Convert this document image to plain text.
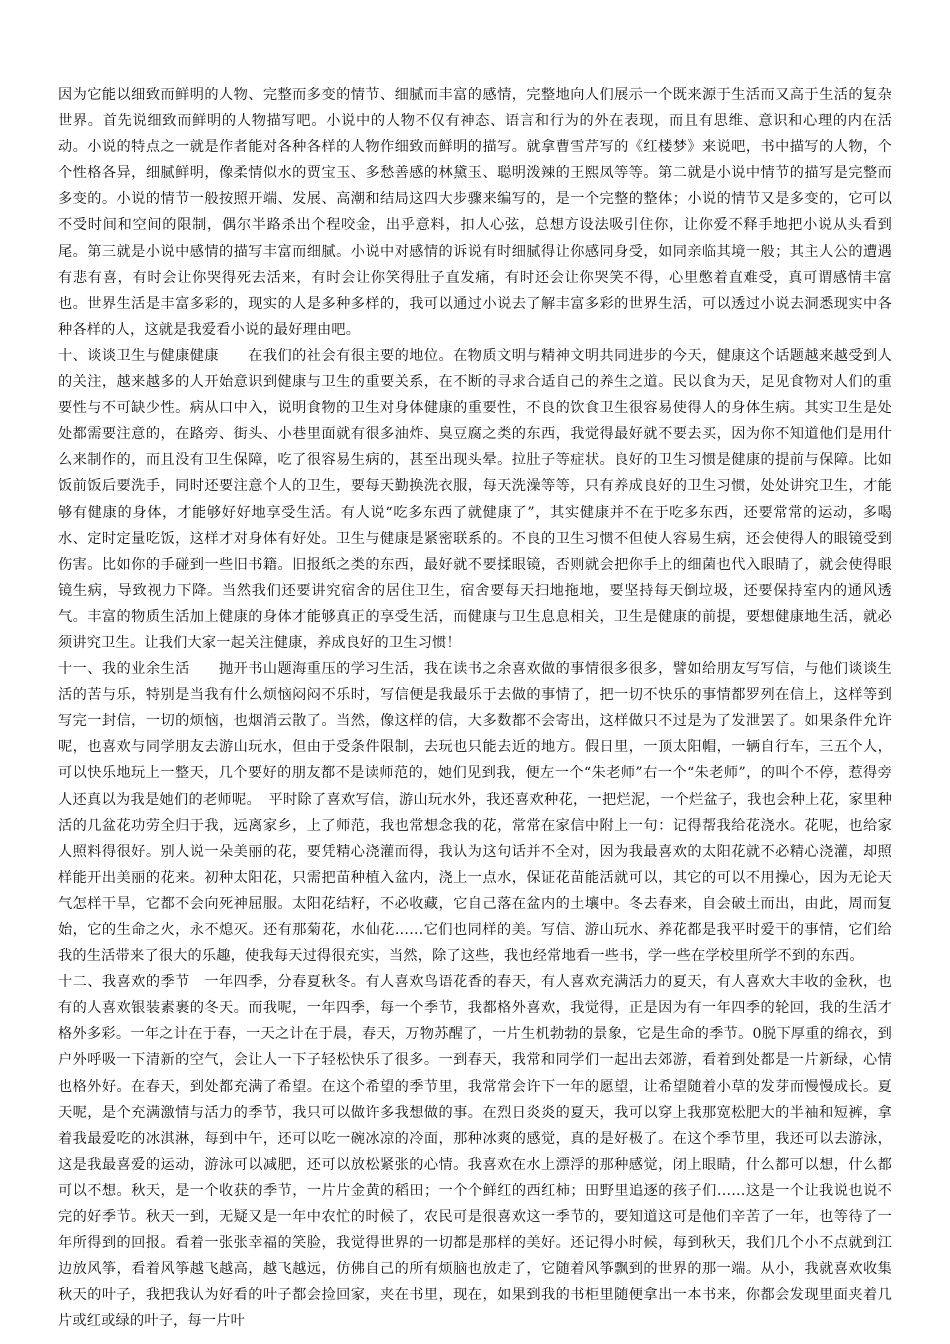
因为它能以细致而鲜明的人物、完整而多变的情节、细腻而丰富的感情，完整地向人们展示一个既来源于生活而又高于生活的复杂世界。首先说细致而鲜明的人物描写吧。小说中的人物不仅有神态、语言和行为的外在表现，而且有思维、意识和心理的内在活动。小说的特点之一就是作者能对各种各样的人物作细致而鲜明的描写。就拿曹雪芹写的《红楼梦》来说吧，书中描写的人物，个个性格各异，细腻鲜明，像柔情似水的贾宝玉、多愁善感的林黛玉、聪明泼辣的王熙凤等等。第二就是小说中情节的描写是完整而多变的。小说的情节一般按照开端、发展、高潮和结局这四大步骤来编写的，是一个完整的整体；小说的情节又是多变的，它可以不受时间和空间的限制，偶尔半路杀出个程咬金，出乎意料，扣人心弦，总想方设法吸引住你，让你爱不释手地把小说从头看到尾。第三就是小说中感情的描写丰富而细腻。小说中对感情的诉说有时细腻得让你感同身受，如同亲临其境一般；其主人公的遭遇有悲有喜，有时会让你哭得死去活来，有时会让你笑得肚子直发痛，有时还会让你哭笑不得，心里憋着直难受，真可谓感情丰富也。世界生活是丰富多彩的，现实的人是多种多样的，我可以通过小说去了解丰富多彩的世界生活，可以透过小说去洞悉现实中各种各样的人，这就是我爱看小说的最好理由吧。

十、谈谈卫生与健康健康　　在我们的社会有很主要的地位。在物质文明与精神文明共同进步的今天，健康这个话题越来越受到人的关注，越来越多的人开始意识到健康与卫生的重要关系，在不断的寻求合适自己的养生之道。民以食为天，足见食物对人们的重要性与不可缺少性。病从口中入，说明食物的卫生对身体健康的重要性，不良的饮食卫生很容易使得人的身体生病。其实卫生是处处都需要注意的，在路旁、街头、小巷里面就有很多油炸、臭豆腐之类的东西，我觉得最好就不要去买，因为你不知道他们是用什么来制作的，而且没有卫生保障，吃了很容易生病的，甚至出现头晕。拉肚子等症状。良好的卫生习惯是健康的提前与保障。比如饭前饭后要洗手，同时还要注意个人的卫生，要每天勤换洗衣服，每天洗澡等等，只有养成良好的卫生习惯，处处讲究卫生，才能够有健康的身体，才能够好好地享受生活。有人说“吃多东西了就健康了”，其实健康并不在于吃多东西，还要常常的运动，多喝水、定时定量吃饭，这样才对身体有好处。卫生与健康是紧密联系的。不良的卫生习惯不但使人容易生病，还会使得人的眼镜受到伤害。比如你的手碰到一些旧书籍。旧报纸之类的东西，最好就不要揉眼镜，否则就会把你手上的细菌也代入眼睛了，就会使得眼镜生病，导致视力下降。当然我们还要讲究宿舍的居住卫生，宿舍要每天扫地拖地，要坚持每天倒垃圾，还要保持室内的通风透气。丰富的物质生活加上健康的身体才能够真正的享受生活，而健康与卫生息息相关，卫生是健康的前提，要想健康地生活，就必须讲究卫生。让我们大家一起关注健康，养成良好的卫生习惯！

十一、我的业余生活　　抛开书山题海重压的学习生活，我在读书之余喜欢做的事情很多很多，譬如给朋友写写信，与他们谈谈生活的苦与乐，特别是当我有什么烦恼闷闷不乐时，写信便是我最乐于去做的事情了，把一切不快乐的事情都罗列在信上，这样等到写完一封信，一切的烦恼，也烟消云散了。当然，像这样的信，大多数都不会寄出，这样做只不过是为了发泄罢了。如果条件允许呢，也喜欢与同学朋友去游山玩水，但由于受条件限制，去玩也只能去近的地方。假日里，一顶太阳帽，一辆自行车，三五个人，可以快乐地玩上一整天，几个要好的朋友都不是读师范的，她们见到我，便左一个“朱老师”右一个“朱老师”，的叫个不停，惹得旁人还真以为我是她们的老师呢。　平时除了喜欢写信，游山玩水外，我还喜欢种花，一把烂泥，一个烂盆子，我也会种上花，家里种活的几盆花功劳全归于我，远离家乡，上了师范，我也常想念我的花，常常在家信中附上一句：记得帮我给花浇水。花呢，也给家人照料得很好。别人说一朵美丽的花，要凭精心浇灌而得，我认为这句话并不全对，因为我最喜欢的太阳花就不必精心浇灌，却照样能开出美丽的花来。初种太阳花，只需把苗种植入盆内，浇上一点水，保证花苗能活就可以，其它的可以不用操心，因为无论天气怎样干旱，它都不会向死神屈服。太阳花结籽，不必收藏，它自己落在盆内的土壤中。冬去春来，自会破土而出，由此，周而复始，它的生命之火，永不熄灭。还有那菊花，水仙花……它们也同样的美。写信、游山玩水、养花都是我平时爱干的事情，它们给我的生活带来了很大的乐趣，使我每天过得很充实，当然，除了这些，我也经常地看一些书，学一些在学校里所学不到的东西。

十二、我喜欢的季节　一年四季，分春夏秋冬。有人喜欢鸟语花香的春天，有人喜欢充满活力的夏天，有人喜欢大丰收的金秋，也有的人喜欢银装素裹的冬天。而我呢，一年四季，每一个季节，我都格外喜欢，我觉得，正是因为有一年四季的轮回，我的生活才格外多彩。一年之计在于春，一天之计在于晨，春天，万物苏醒了，一片生机勃勃的景象，它是生命的季节。0脱下厚重的绵衣，到户外呼吸一下清新的空气，会让人一下子轻松快乐了很多。一到春天，我常和同学们一起出去郊游，看着到处都是一片新绿，心情也格外好。在春天，到处都充满了希望。在这个希望的季节里，我常常会许下一年的愿望，让希望随着小草的发芽而慢慢成长。夏天呢，是个充满激情与活力的季节，我只可以做许多我想做的事。在烈日炎炎的夏天，我可以穿上我那宽松肥大的半袖和短裤，拿着我最爱吃的冰淇淋，每到中午，还可以吃一碗冰凉的冷面，那种冰爽的感觉，真的是好极了。在这个季节里，我还可以去游泳，这是我最喜爱的运动，游泳可以减肥，还可以放松紧张的心情。我喜欢在水上漂浮的那种感觉，闭上眼睛，什么都可以想，什么都可以不想。秋天，是一个收获的季节，一片片金黄的稻田；一个个鲜红的西红柿；田野里追逐的孩子们……这是一个让我说也说不完的好季节。秋天一到，无疑又是一年中农忙的时候了，农民可是很喜欢这一季节的，要知道这可是他们辛苦了一年，也等待了一年所得到的回报。看着一张张幸福的笑脸，我觉得世界的一切都是那样的美好。还记得小时候，每到秋天，我们几个小不点就到江边放风筝，看着风筝越飞越高，越飞越远，仿佛自己的所有烦脑也放走了，它随着风筝飘到的世界的那一端。从小，我就喜欢收集秋天的叶子，我把我认为好看的叶子都会捡回家，夹在书里，现在，如果到我的书柜里随便拿出一本书来，你都会发现里面夹着几片或红或绿的叶子，每一片叶
